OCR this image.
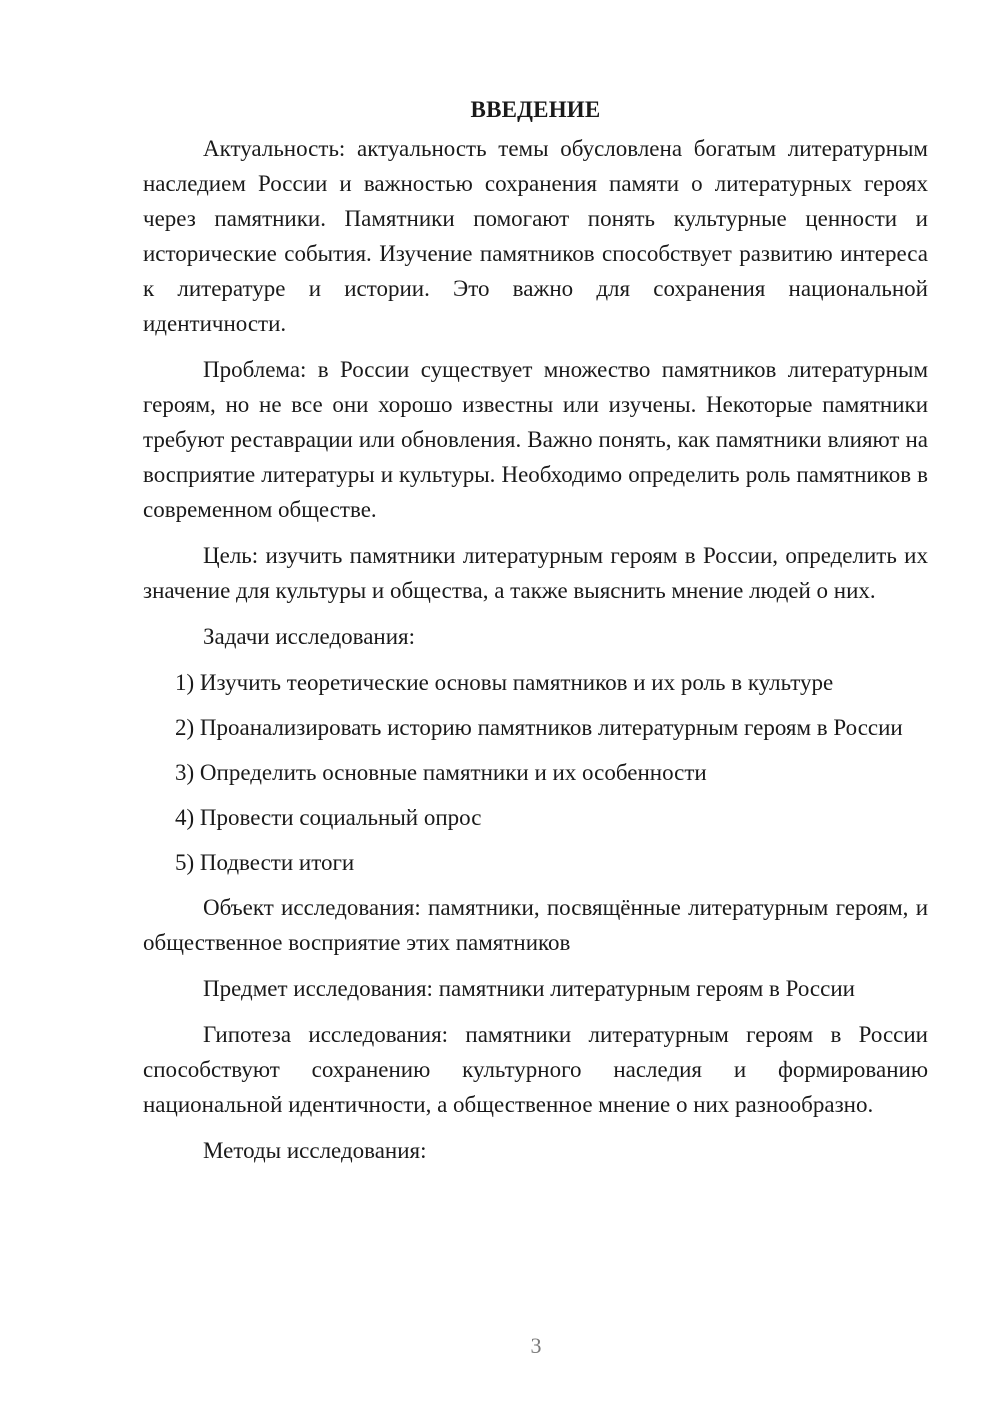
ВВЕДЕНИЕ

Актуальность: актуальность темы обусловлена богатым литературным наследием России и важностью сохранения памяти о литературных героях через памятники. Памятники помогают понять культурные ценности и исторические события. Изучение памятников способствует развитию интереса к литературе и истории. Это важно для сохранения национальной идентичности.

Проблема: в России существует множество памятников литературным героям, но не все они хорошо известны или изучены. Некоторые памятники требуют реставрации или обновления. Важно понять, как памятники влияют на восприятие литературы и культуры. Необходимо определить роль памятников в современном обществе.

Цель: изучить памятники литературным героям в России, определить их значение для культуры и общества, а также выяснить мнение людей о них.

Задачи исследования:

1) Изучить теоретические основы памятников и их роль в культуре

2) Проанализировать историю памятников литературным героям в России

3) Определить основные памятники и их особенности

4) Провести социальный опрос

5) Подвести итоги

Объект исследования: памятники, посвящённые литературным героям, и общественное восприятие этих памятников

Предмет исследования: памятники литературным героям в России

Гипотеза исследования: памятники литературным героям в России способствуют сохранению культурного наследия и формированию национальной идентичности, а общественное мнение о них разнообразно.

Методы исследования:

3
